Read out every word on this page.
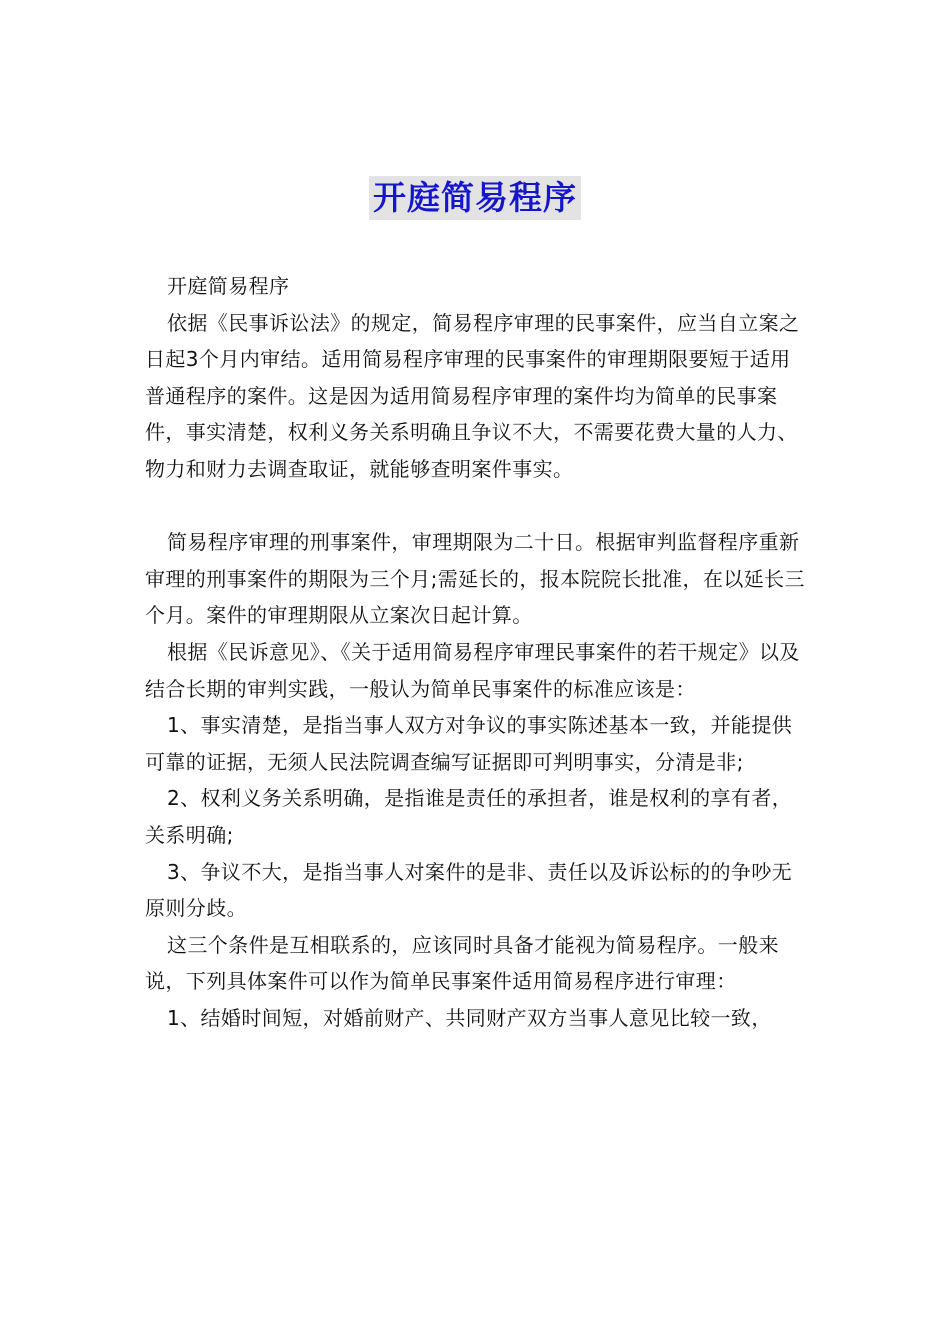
开庭简易程序

开庭简易程序

依据《民事诉讼法》的规定，简易程序审理的民事案件，应当自立案之日起3个月内审结。适用简易程序审理的民事案件的审理期限要短于适用普通程序的案件。这是因为适用简易程序审理的案件均为简单的民事案件，事实清楚，权利义务关系明确且争议不大，不需要花费大量的人力、物力和财力去调查取证，就能够查明案件事实。

简易程序审理的刑事案件，审理期限为二十日。根据审判监督程序重新审理的刑事案件的期限为三个月;需延长的，报本院院长批准，在以延长三个月。案件的审理期限从立案次日起计算。

根据《民诉意见》、《关于适用简易程序审理民事案件的若干规定》以及结合长期的审判实践，一般认为简单民事案件的标准应该是：

1、事实清楚，是指当事人双方对争议的事实陈述基本一致，并能提供可靠的证据，无须人民法院调查编写证据即可判明事实，分清是非;

2、权利义务关系明确，是指谁是责任的承担者，谁是权利的享有者，关系明确;

3、争议不大，是指当事人对案件的是非、责任以及诉讼标的的争吵无原则分歧。

这三个条件是互相联系的，应该同时具备才能视为简易程序。一般来说，下列具体案件可以作为简单民事案件适用简易程序进行审理：

1、结婚时间短，对婚前财产、共同财产双方当事人意见比较一致，
